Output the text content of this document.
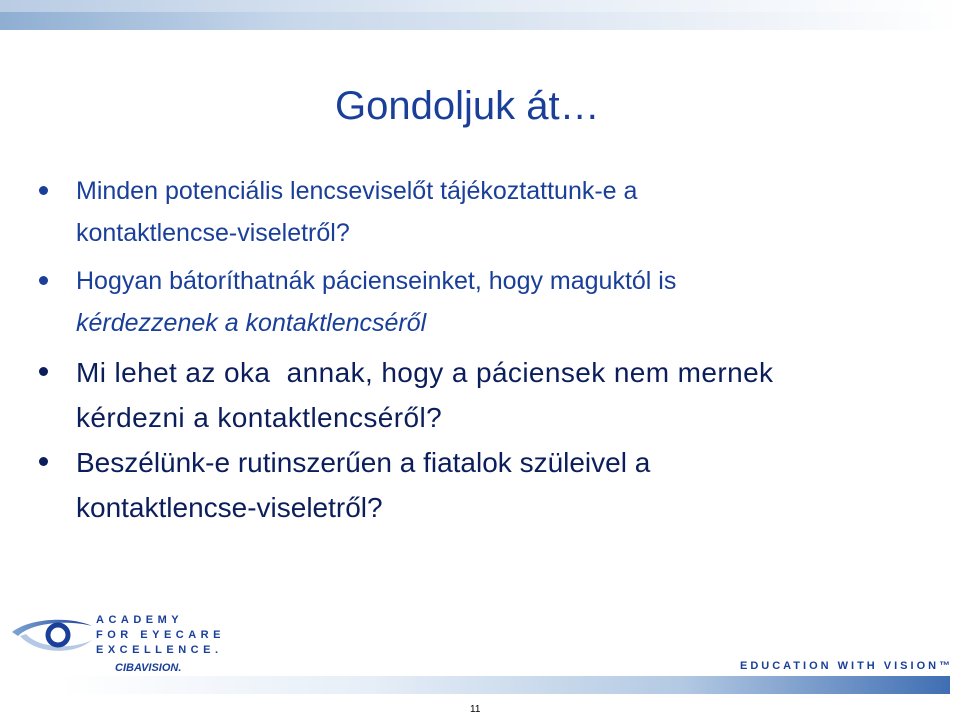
Gondoljuk át…
Minden potenciális lencseviselőt tájékoztattunk-e a
kontaktlencse-viseletről?
Hogyan bátoríthatnák pácienseinket, hogy maguktól is
kérdezzenek a kontaktlencséről
Mi lehet az oka  annak, hogy a páciensek nem mernek
kérdezni a kontaktlencséről?
Beszélünk-e rutinszerűen a fiatalok szüleivel a
kontaktlencse-viseletről?
ACADEMY
FOR EYECARE
EXCELLENCE.
CIBAVISION.	EDUCATION WITH VISION™
11
